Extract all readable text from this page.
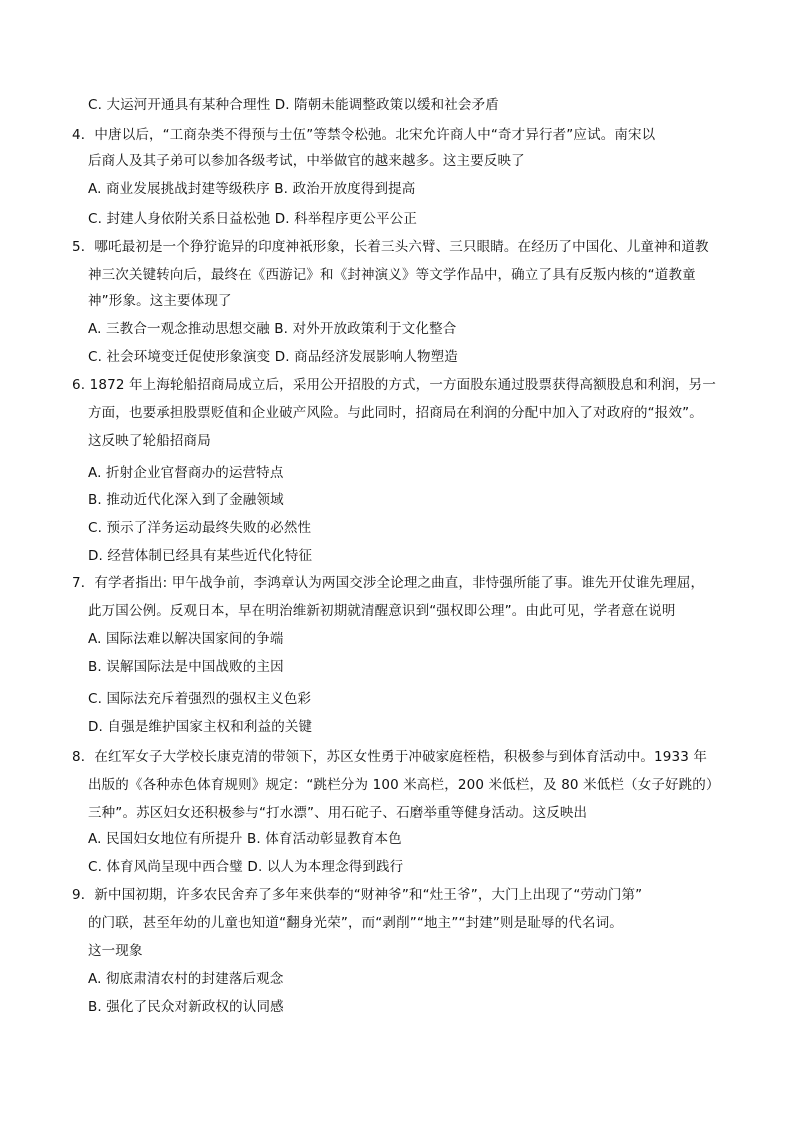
C. 大运河开通具有某种合理性 D. 隋朝未能调整政策以缓和社会矛盾
4．中唐以后，“工商杂类不得预与士伍”等禁令松弛。北宋允许商人中“奇才异行者”应试。南宋以
后商人及其子弟可以参加各级考试，中举做官的越来越多。这主要反映了
A. 商业发展挑战封建等级秩序 B. 政治开放度得到提高
C. 封建人身依附关系日益松弛 D. 科举程序更公平公正
5．哪吒最初是一个狰狞诡异的印度神祇形象，长着三头六臂、三只眼睛。在经历了中国化、儿童神和道教
神三次关键转向后，最终在《西游记》和《封神演义》等文学作品中，确立了具有反叛内核的“道教童
神”形象。这主要体现了
A. 三教合一观念推动思想交融 B. 对外开放政策利于文化整合
C. 社会环境变迁促使形象演变 D. 商品经济发展影响人物塑造
6. 1872 年上海轮船招商局成立后，采用公开招股的方式，一方面股东通过股票获得高额股息和利润，另一
方面，也要承担股票贬值和企业破产风险。与此同时，招商局在利润的分配中加入了对政府的“报效”。
这反映了轮船招商局
A. 折射企业官督商办的运营特点
B. 推动近代化深入到了金融领域
C. 预示了洋务运动最终失败的必然性
D. 经营体制已经具有某些近代化特征
7．有学者指出: 甲午战争前，李鸿章认为两国交涉全论理之曲直，非恃强所能了事。谁先开仗谁先理屈，
此万国公例。反观日本，早在明治维新初期就清醒意识到“强权即公理”。由此可见，学者意在说明
A. 国际法难以解决国家间的争端
B. 误解国际法是中国战败的主因
C. 国际法充斥着强烈的强权主义色彩
D. 自强是维护国家主权和利益的关键
8．在红军女子大学校长康克清的带领下，苏区女性勇于冲破家庭桎梏，积极参与到体育活动中。1933 年
出版的《各种赤色体育规则》规定：“跳栏分为 100 米高栏，200 米低栏，及 80 米低栏（女子好跳的）
三种”。苏区妇女还积极参与“打水漂”、用石砣子、石磨举重等健身活动。这反映出
A. 民国妇女地位有所提升 B. 体育活动彰显教育本色
C. 体育风尚呈现中西合璧 D. 以人为本理念得到践行
9．新中国初期，许多农民舍弃了多年来供奉的“财神爷”和“灶王爷”，大门上出现了“劳动门第”
的门联，甚至年幼的儿童也知道“翻身光荣”，而“剥削”“地主”“封建”则是耻辱的代名词。
这一现象
A. 彻底肃清农村的封建落后观念
B. 强化了民众对新政权的认同感
